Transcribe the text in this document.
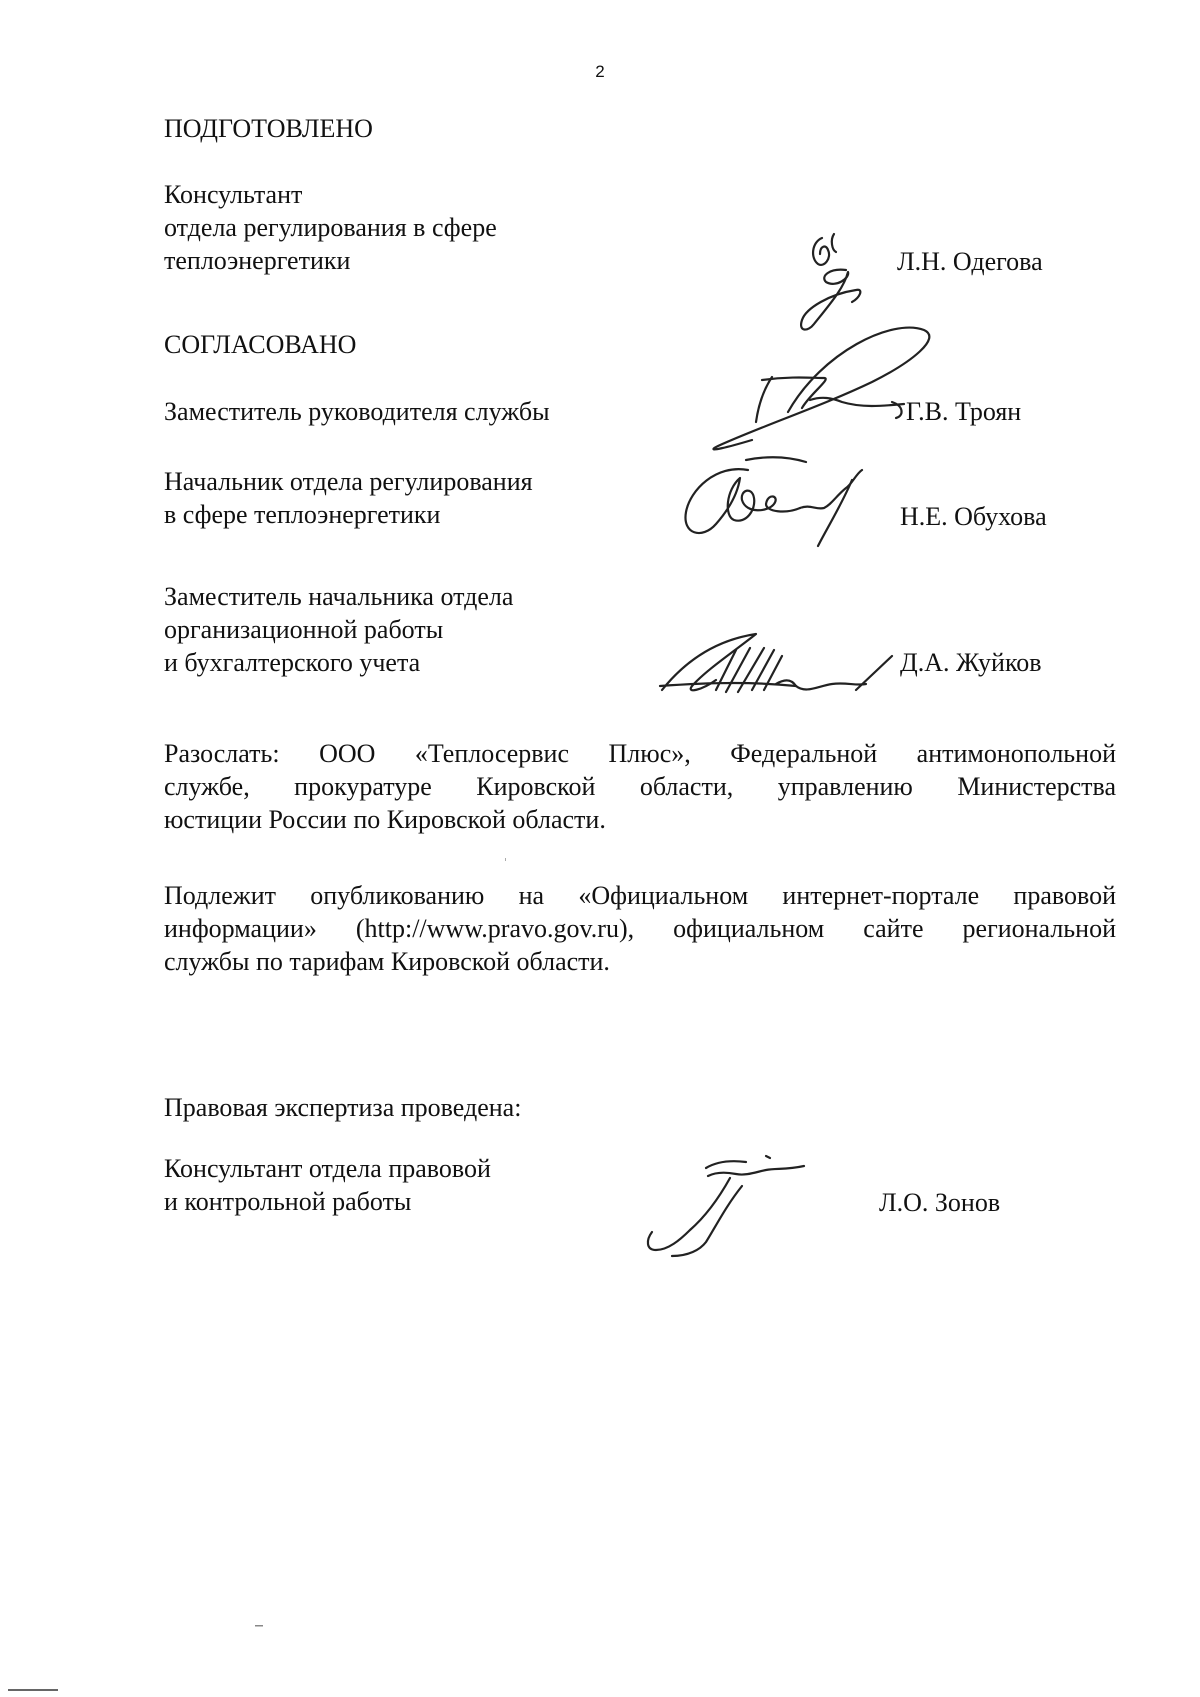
2
ПОДГОТОВЛЕНО
Консультант
отдела регулирования в сфере
теплоэнергетики	Л.Н. Одегова
СОГЛАСОВАНО
Заместитель руководителя службы	Г.В. Троян
Начальник отдела регулирования
в сфере теплоэнергетики	Н.Е. Обухова
Заместитель начальника отдела
организационной работы
и бухгалтерского учета	Д.А. Жуйков
Разослать: ООО «Теплосервис Плюс», Федеральной антимонопольной
службе, прокуратуре Кировской области, управлению Министерства
юстиции России по Кировской области.
Подлежит опубликованию на «Официальном интернет-портале правовой
информации» (http://www.pravo.gov.ru), официальном сайте региональной
службы по тарифам Кировской области.
Правовая экспертиза проведена:
Консультант отдела правовой
и контрольной работы	Л.О. Зонов
